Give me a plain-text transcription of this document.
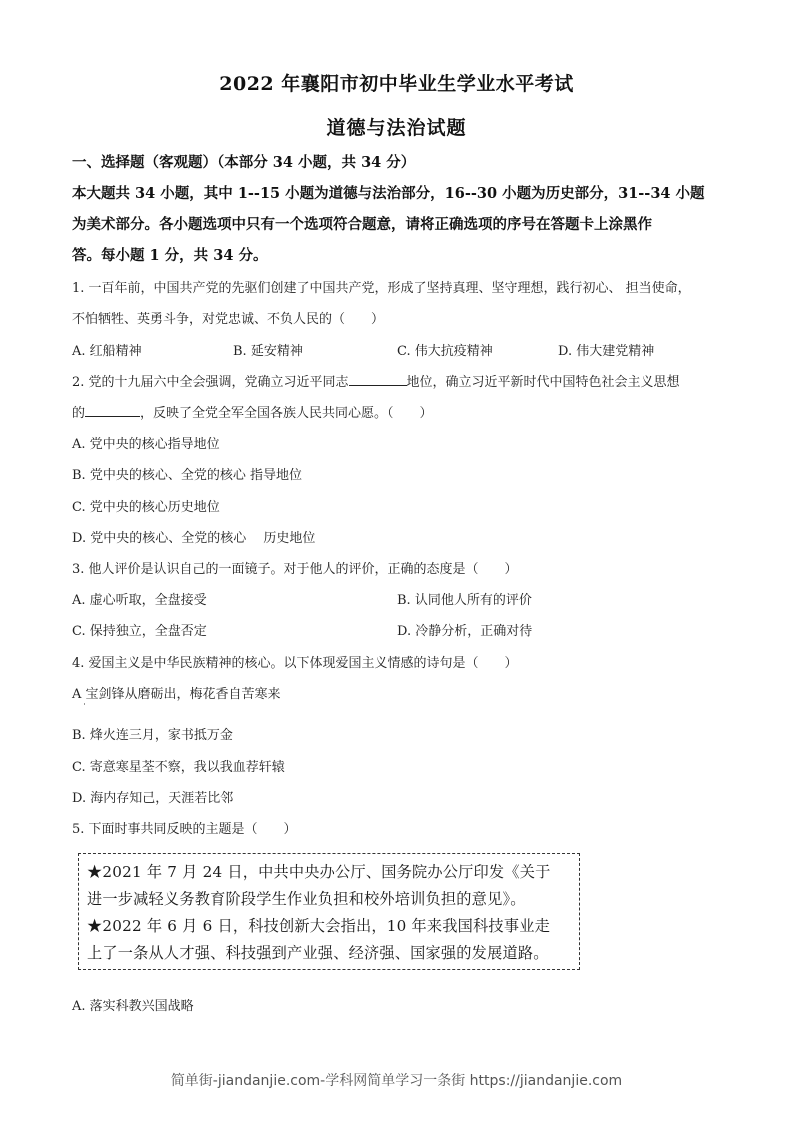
2022 年襄阳市初中毕业生学业水平考试
道德与法治试题
一、选择题（客观题）（本部分 34 小题，共 34 分）
本大题共 34 小题，其中 1--15 小题为道德与法治部分，16--30 小题为历史部分，31--34 小题
为美术部分。各小题选项中只有一个选项符合题意，请将正确选项的序号在答题卡上涂黑作
答。每小题 1 分，共 34 分。
1. 一百年前，中国共产党的先驱们创建了中国共产党，形成了坚持真理、坚守理想，践行初心、 担当使命，
不怕牺牲、英勇斗争，对党忠诚、不负人民的（　　）
A. 红船精神	B. 延安精神	C. 伟大抗疫精神	D. 伟大建党精神
2. 党的十九届六中全会强调，党确立习近平同志	地位，确立习近平新时代中国特色社会主义思想
的	，反映了全党全军全国各族人民共同心愿。（　　）
A. 党中央的核心指导地位
B. 党中央的核心、全党的核心 指导地位
C. 党中央的核心历史地位
D. 党中央的核心、全党的核心　 历史地位
3. 他人评价是认识自己的一面镜子。对于他人的评价，正确的态度是（　　）
A. 虚心听取，全盘接受	B. 认同他人所有的评价
C. 保持独立，全盘否定	D. 冷静分析，正确对待
4. 爱国主义是中华民族精神的核心。以下体现爱国主义情感的诗句是（　　）
A 宝剑锋从磨砺出，梅花香自苦寒来
B. 烽火连三月，家书抵万金
C. 寄意寒星荃不察，我以我血荐轩辕
D. 海内存知己，天涯若比邻
5. 下面时事共同反映的主题是（　　）
★2021 年 7 月 24 日，中共中央办公厅、国务院办公厅印发《关于
进一步减轻义务教育阶段学生作业负担和校外培训负担的意见》。
★2022 年 6 月 6 日，科技创新大会指出，10 年来我国科技事业走
上了一条从人才强、科技强到产业强、经济强、国家强的发展道路。
A. 落实科教兴国战略
简单街-jiandanjie.com-学科网简单学习一条街 https://jiandanjie.com
